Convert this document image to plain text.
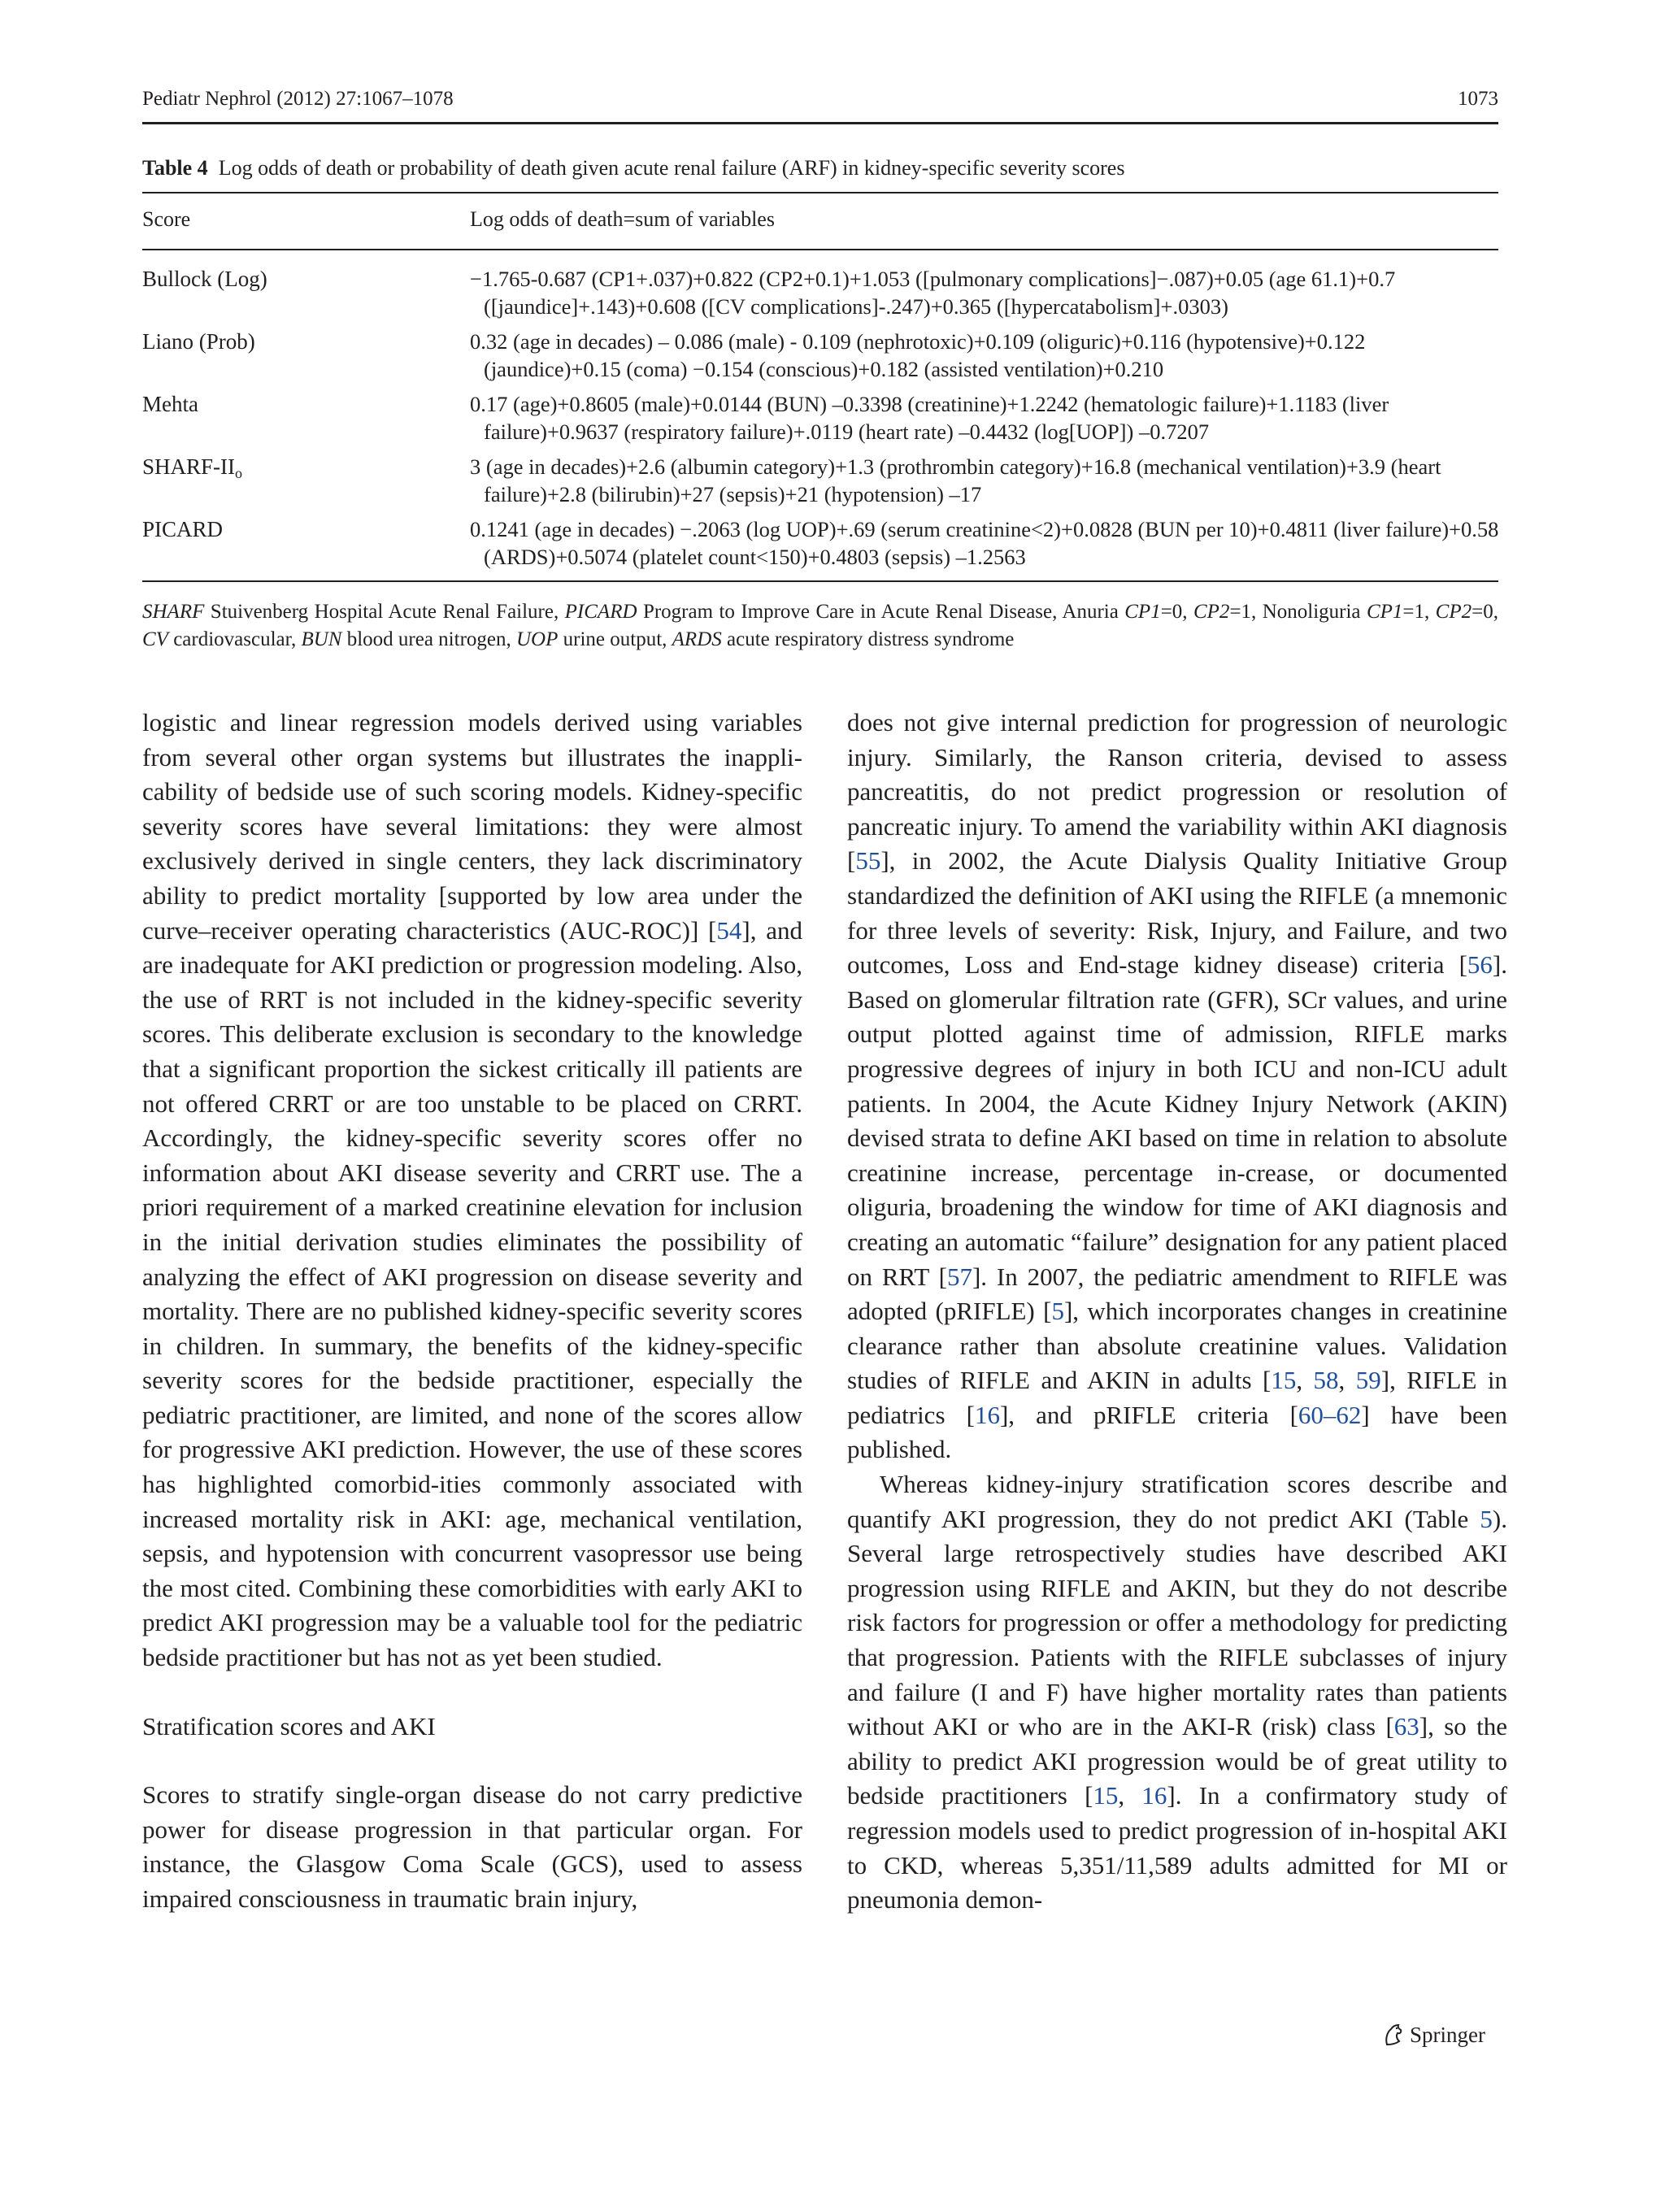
Pediatr Nephrol (2012) 27:1067–1078	1073
Table 4 Log odds of death or probability of death given acute renal failure (ARF) in kidney-specific severity scores
Score	Log odds of death=sum of variables
Bullock (Log)	−1.765-0.687 (CP1+.037)+0.822 (CP2+0.1)+1.053 ([pulmonary complications]−.087)+0.05 (age 61.1)+0.7 ([jaundice]+.143)+0.608 ([CV complications]-.247)+0.365 ([hypercatabolism]+.0303)
Liano (Prob)	0.32 (age in decades) – 0.086 (male) - 0.109 (nephrotoxic)+0.109 (oliguric)+0.116 (hypotensive)+0.122 (jaundice)+0.15 (coma) −0.154 (conscious)+0.182 (assisted ventilation)+0.210
Mehta	0.17 (age)+0.8605 (male)+0.0144 (BUN) –0.3398 (creatinine)+1.2242 (hematologic failure)+1.1183 (liver failure)+0.9637 (respiratory failure)+.0119 (heart rate) –0.4432 (log[UOP]) –0.7207
SHARF-$II_o$	3 (age in decades)+2.6 (albumin category)+1.3 (prothrombin category)+16.8 (mechanical ventilation)+3.9 (heart failure)+2.8 (bilirubin)+27 (sepsis)+21 (hypotension) –17
PICARD	0.1241 (age in decades) −.2063 (log UOP)+.69 (serum creatinine<2)+0.0828 (BUN per 10)+0.4811 (liver failure)+0.58 (ARDS)+0.5074 (platelet count<150)+0.4803 (sepsis) –1.2563
SHARF Stuivenberg Hospital Acute Renal Failure, PICARD Program to Improve Care in Acute Renal Disease, Anuria CP1=0, CP2=1, Nonoliguria CP1=1, CP2=0, CV cardiovascular, BUN blood urea nitrogen, UOP urine output, ARDS acute respiratory distress syndrome

logistic and linear regression models derived using variables from several other organ systems but illustrates the inappli-cability of bedside use of such scoring models. Kidney-specific severity scores have several limitations: they were almost exclusively derived in single centers, they lack discriminatory ability to predict mortality [supported by low area under the curve–receiver operating characteristics (AUC-ROC)] [54], and are inadequate for AKI prediction or progression modeling. Also, the use of RRT is not included in the kidney-specific severity scores. This deliberate exclusion is secondary to the knowledge that a significant proportion the sickest critically ill patients are not offered CRRT or are too unstable to be placed on CRRT. Accordingly, the kidney-specific severity scores offer no information about AKI disease severity and CRRT use. The a priori requirement of a marked creatinine elevation for inclusion in the initial derivation studies eliminates the possibility of analyzing the effect of AKI progression on disease severity and mortality. There are no published kidney-specific severity scores in children. In summary, the benefits of the kidney-specific severity scores for the bedside practitioner, especially the pediatric practitioner, are limited, and none of the scores allow for progressive AKI prediction. However, the use of these scores has highlighted comorbid-ities commonly associated with increased mortality risk in AKI: age, mechanical ventilation, sepsis, and hypotension with concurrent vasopressor use being the most cited. Combining these comorbidities with early AKI to predict AKI progression may be a valuable tool for the pediatric bedside practitioner but has not as yet been studied.

Stratification scores and AKI

Scores to stratify single-organ disease do not carry predictive power for disease progression in that particular organ. For instance, the Glasgow Coma Scale (GCS), used to assess impaired consciousness in traumatic brain injury,

does not give internal prediction for progression of neurologic injury. Similarly, the Ranson criteria, devised to assess pancreatitis, do not predict progression or resolution of pancreatic injury. To amend the variability within AKI diagnosis [55], in 2002, the Acute Dialysis Quality Initiative Group standardized the definition of AKI using the RIFLE (a mnemonic for three levels of severity: Risk, Injury, and Failure, and two outcomes, Loss and End-stage kidney disease) criteria [56]. Based on glomerular filtration rate (GFR), SCr values, and urine output plotted against time of admission, RIFLE marks progressive degrees of injury in both ICU and non-ICU adult patients. In 2004, the Acute Kidney Injury Network (AKIN) devised strata to define AKI based on time in relation to absolute creatinine increase, percentage in-crease, or documented oliguria, broadening the window for time of AKI diagnosis and creating an automatic “failure” designation for any patient placed on RRT [57]. In 2007, the pediatric amendment to RIFLE was adopted (pRIFLE) [5], which incorporates changes in creatinine clearance rather than absolute creatinine values. Validation studies of RIFLE and AKIN in adults [15, 58, 59], RIFLE in pediatrics [16], and pRIFLE criteria [60–62] have been published.

Whereas kidney-injury stratification scores describe and quantify AKI progression, they do not predict AKI (Table 5). Several large retrospectively studies have described AKI progression using RIFLE and AKIN, but they do not describe risk factors for progression or offer a methodology for predicting that progression. Patients with the RIFLE subclasses of injury and failure (I and F) have higher mortality rates than patients without AKI or who are in the AKI-R (risk) class [63], so the ability to predict AKI progression would be of great utility to bedside practitioners [15, 16]. In a confirmatory study of regression models used to predict progression of in-hospital AKI to CKD, whereas 5,351/11,589 adults admitted for MI or pneumonia demon-

Springer
